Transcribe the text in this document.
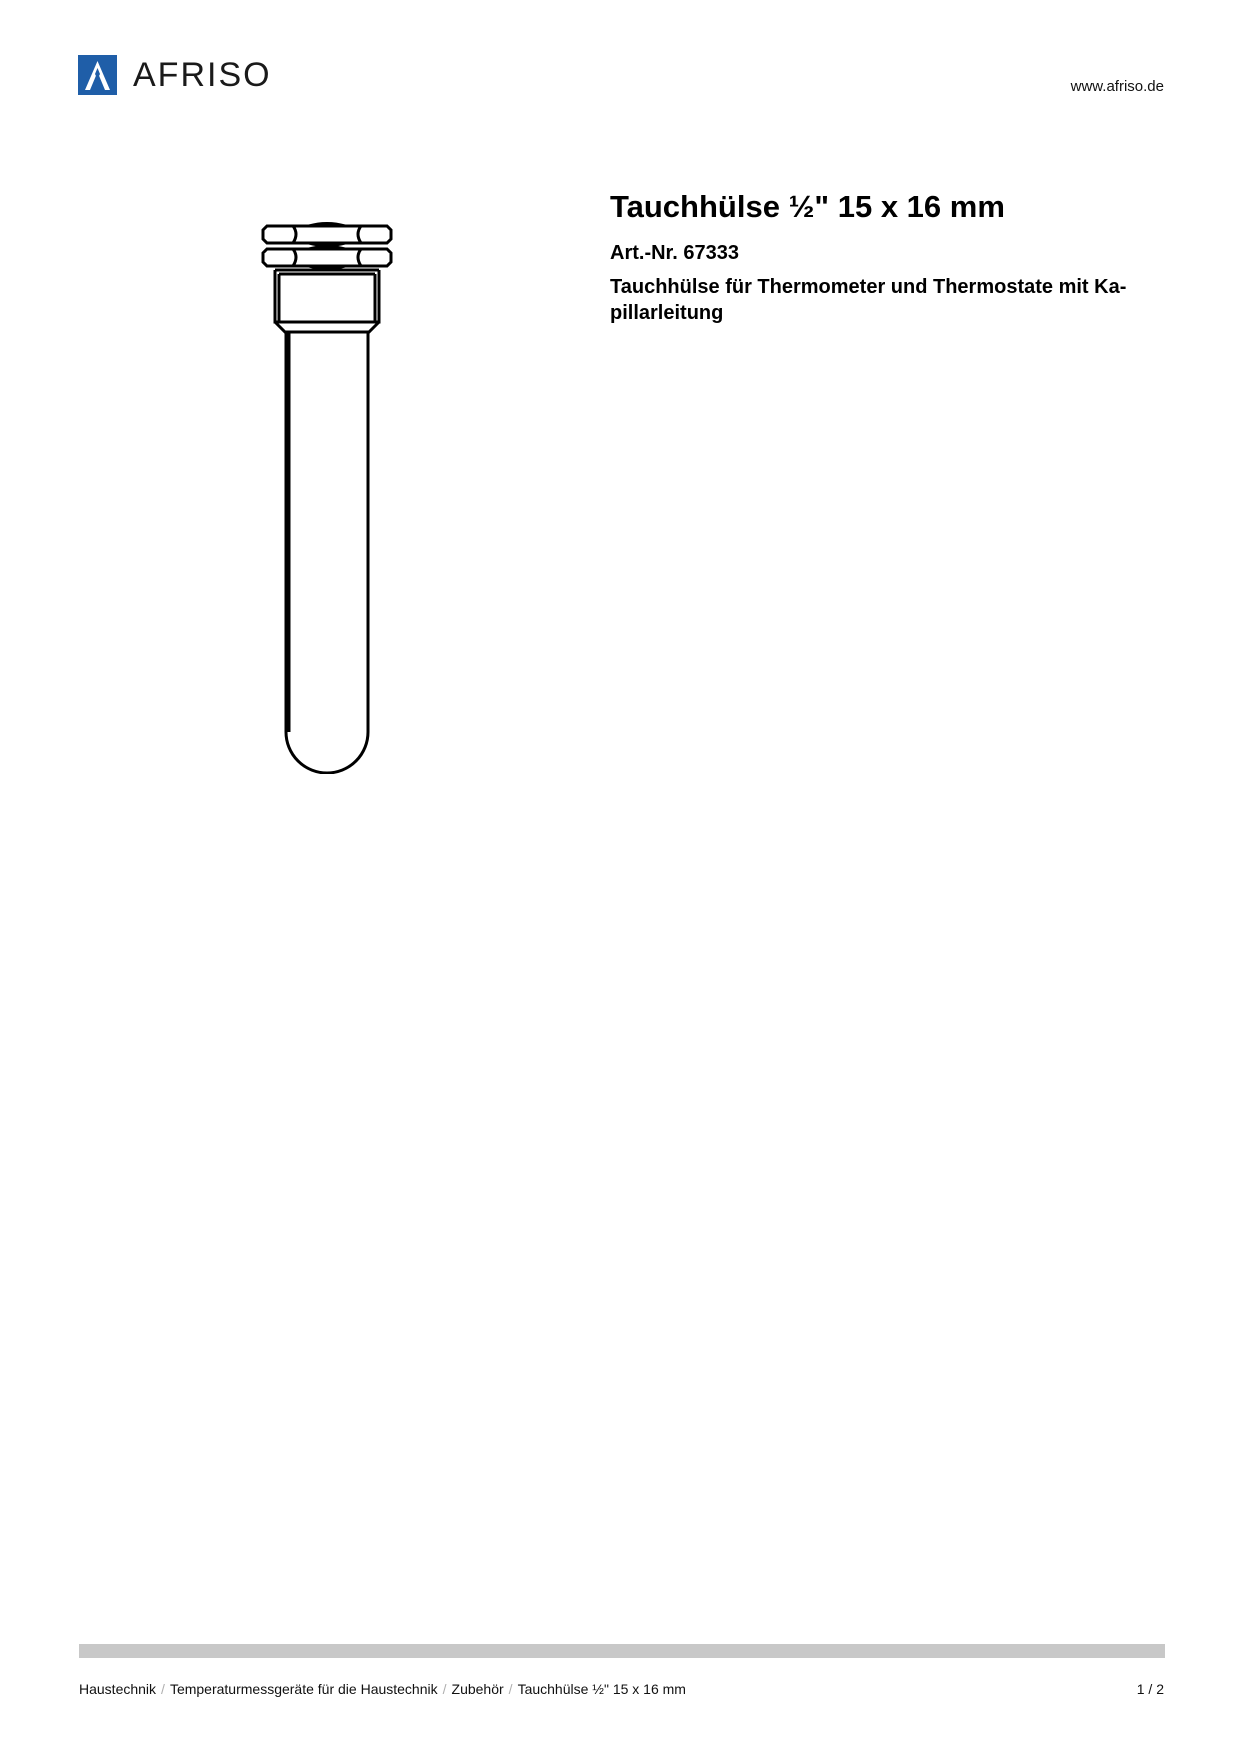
AFRISO	www.afriso.de
Tauchhülse ½" 15 x 16 mm
Art.-Nr. 67333

Tauchhülse für Thermometer und Thermostate mit Ka-pillarleitung

Haustechnik / Temperaturmessgeräte für die Haustechnik / Zubehör / Tauchhülse ½" 15 x 16 mm	1 / 2
